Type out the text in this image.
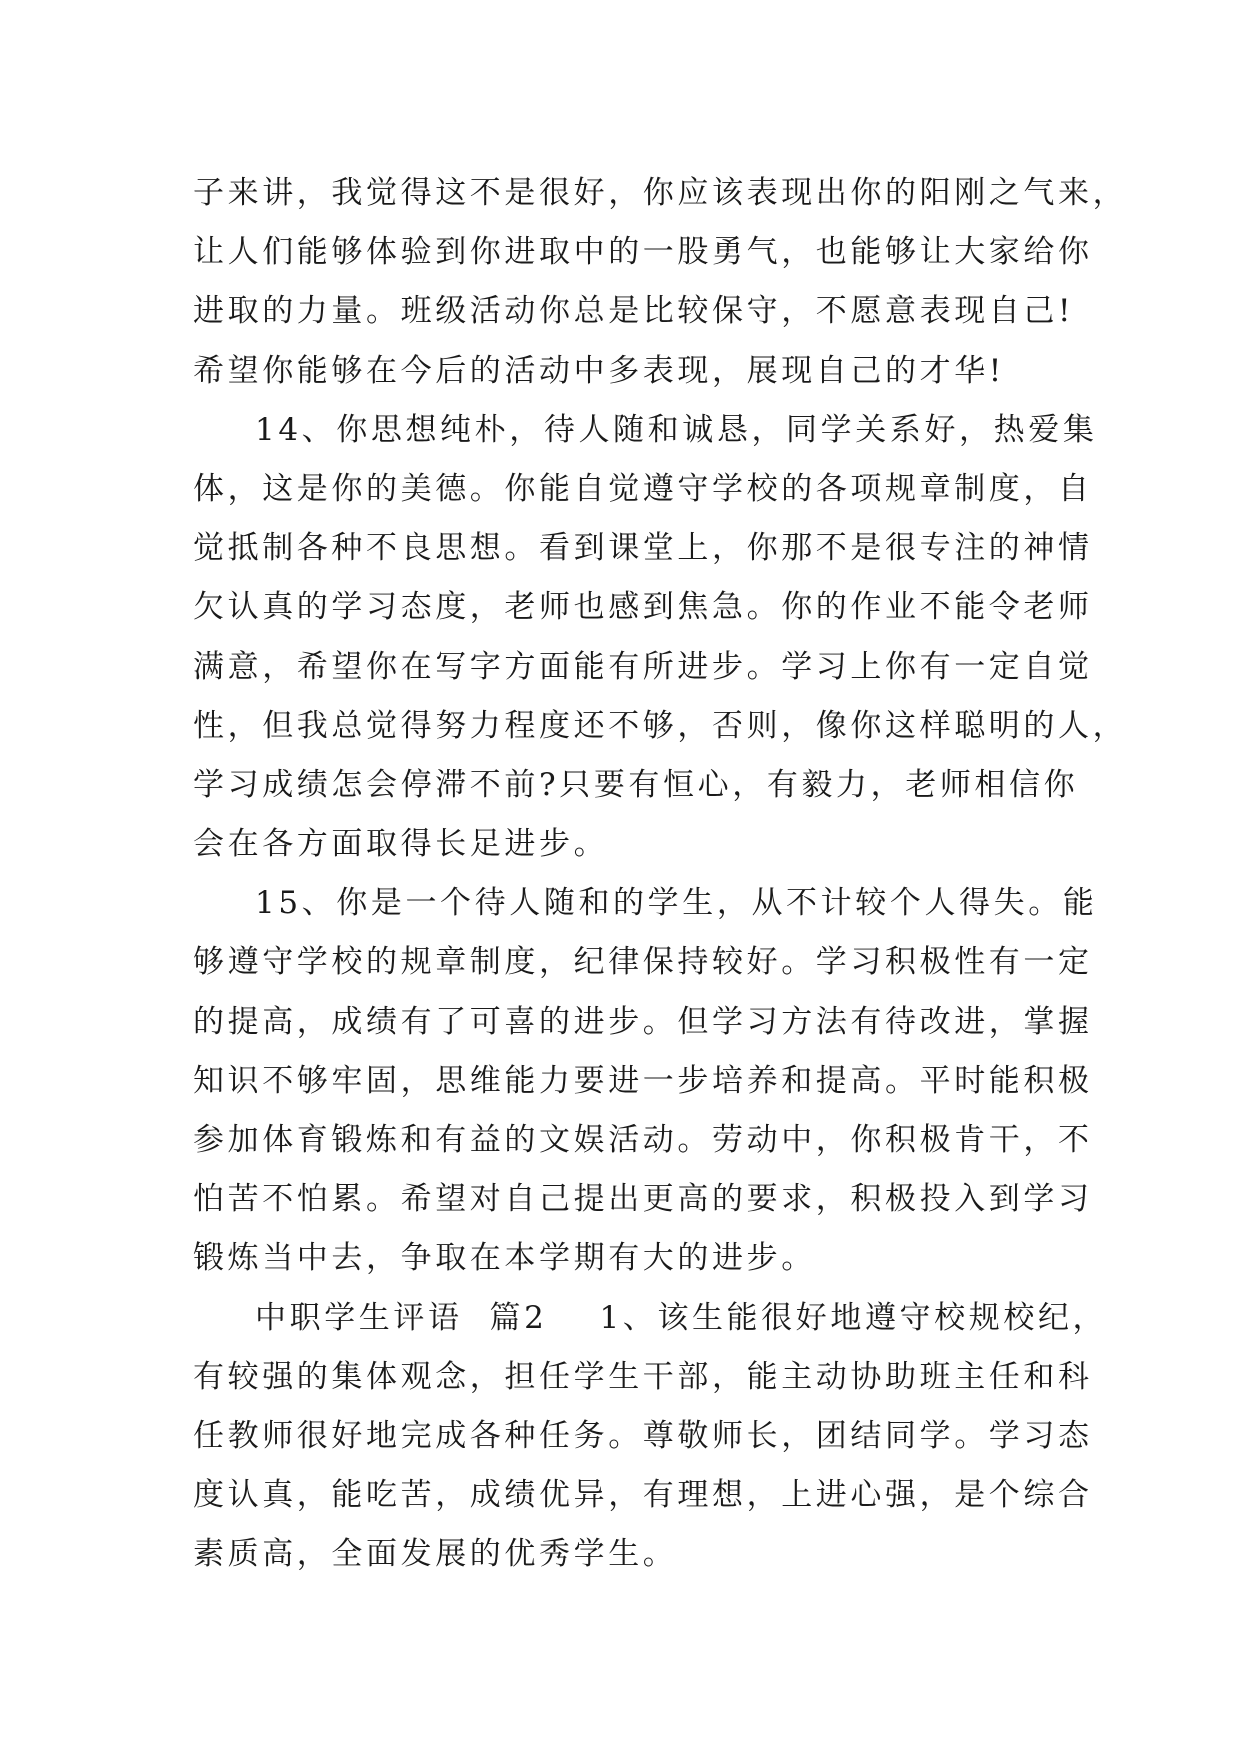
子来讲，我觉得这不是很好，你应该表现出你的阳刚之气来，
让人们能够体验到你进取中的一股勇气，也能够让大家给你
进取的力量。班级活动你总是比较保守，不愿意表现自己!
希望你能够在今后的活动中多表现，展现自己的才华!
14、你思想纯朴，待人随和诚恳，同学关系好，热爱集
体，这是你的美德。你能自觉遵守学校的各项规章制度，自
觉抵制各种不良思想。看到课堂上，你那不是很专注的神情
欠认真的学习态度，老师也感到焦急。你的作业不能令老师
满意，希望你在写字方面能有所进步。学习上你有一定自觉
性，但我总觉得努力程度还不够，否则，像你这样聪明的人，
学习成绩怎会停滞不前?只要有恒心，有毅力，老师相信你
会在各方面取得长足进步。
15、你是一个待人随和的学生，从不计较个人得失。能
够遵守学校的规章制度，纪律保持较好。学习积极性有一定
的提高，成绩有了可喜的进步。但学习方法有待改进，掌握
知识不够牢固，思维能力要进一步培养和提高。平时能积极
参加体育锻炼和有益的文娱活动。劳动中，你积极肯干，不
怕苦不怕累。希望对自己提出更高的要求，积极投入到学习
锻炼当中去，争取在本学期有大的进步。
中职学生评语  篇2 1、该生能很好地遵守校规校纪，
有较强的集体观念，担任学生干部，能主动协助班主任和科
任教师很好地完成各种任务。尊敬师长，团结同学。学习态
度认真，能吃苦，成绩优异，有理想，上进心强，是个综合
素质高，全面发展的优秀学生。
